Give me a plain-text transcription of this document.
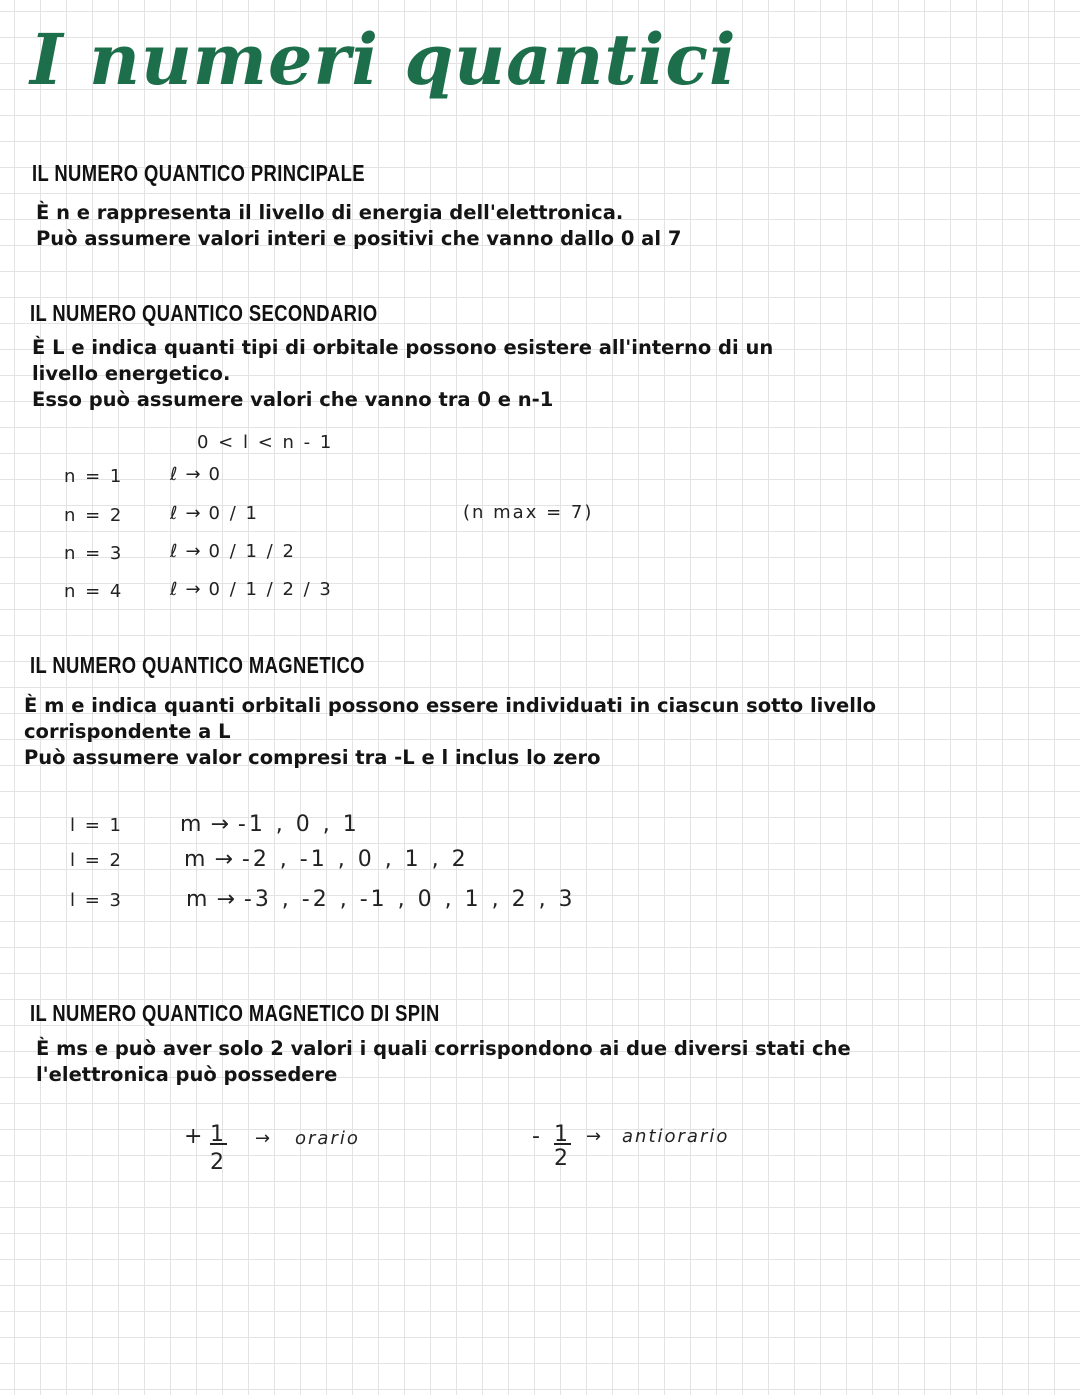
I numeri quantici
IL NUMERO QUANTICO PRINCIPALE
È n e rappresenta il livello di energia dell'elettronica.
Può assumere valori interi e positivi che vanno dallo 0 al 7
IL NUMERO QUANTICO SECONDARIO
È L e indica quanti tipi di orbitale possono esistere all'interno di un
livello energetico.
Esso può assumere valori che vanno tra 0 e n-1
0 < l < n - 1
n = 1	ℓ → 0
n = 2	ℓ → 0 / 1
n = 3	ℓ → 0 / 1 / 2
n = 4	ℓ → 0 / 1 / 2 / 3
(n max = 7)
IL NUMERO QUANTICO MAGNETICO
È m e indica quanti orbitali possono essere individuati in ciascun sotto livello
corrispondente a L
Può assumere valor compresi tra -L e l inclus lo zero
l = 1	m → -1 , 0 , 1
l = 2	m → -2 , -1 , 0 , 1 , 2
l = 3	m → -3 , -2 , -1 , 0 , 1 , 2 , 3
IL NUMERO QUANTICO MAGNETICO DI SPIN
È ms e può aver solo 2 valori i quali corrispondono ai due diversi stati che
l'elettronica può possedere
+ 1
2
→ orario	- 1
2
→ antiorario
